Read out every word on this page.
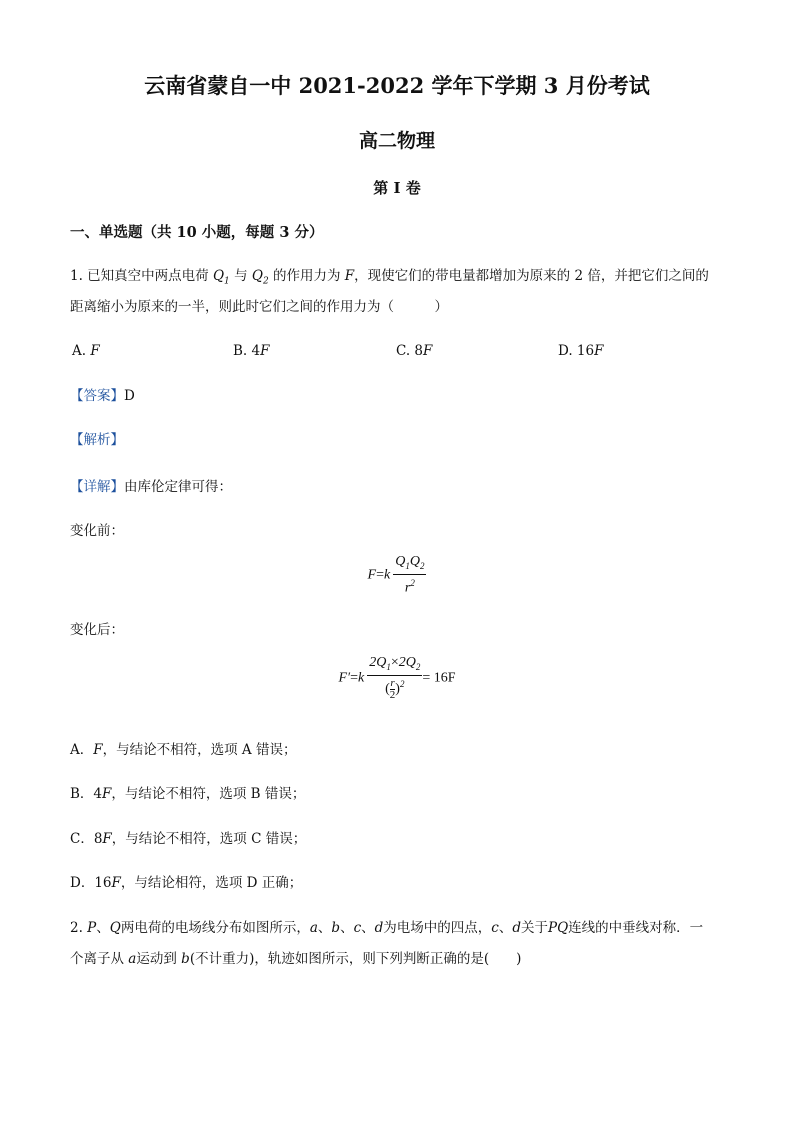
云南省蒙自一中 2021-2022 学年下学期 3 月份考试
高二物理
第 I 卷
一、单选题（共 10 小题，每题 3 分）
1. 已知真空中两点电荷 $Q_1$ 与 $Q_2$ 的作用力为 F，现使它们的带电量都增加为原来的 2 倍，并把它们之间的
距离缩小为原来的一半，则此时它们之间的作用力为（　　　）
A. F	B. 4F	C. 8F	D. 16F
【答案】D
【解析】
【详解】由库伦定律可得：
变化前：
$F=k \frac{Q_1Q_2}{r^2}$
变化后：
$F'=k \frac{2Q_1\times 2Q_2}{( \frac{r}{2} )^2} = 16F$
A．F，与结论不相符，选项 A 错误；
B．4F，与结论不相符，选项 B 错误；
C．8F，与结论不相符，选项 C 错误；
D．16F，与结论相符，选项 D 正确；
2. P、Q两电荷的电场线分布如图所示，a、b、c、d为电场中的四点，c、d关于PQ连线的中垂线对称．一
个离子从 a运动到 b(不计重力)，轨迹如图所示，则下列判断正确的是(　　)
